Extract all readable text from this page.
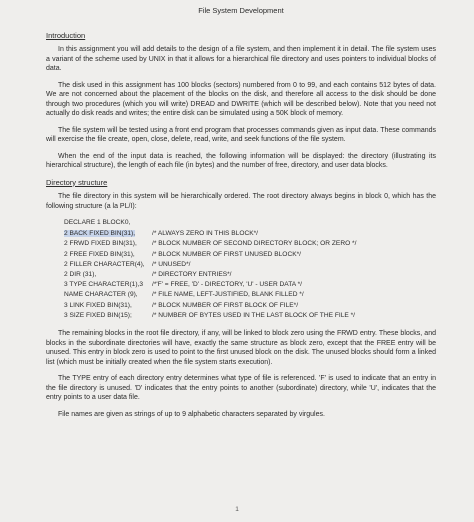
File System Development
Introduction

In this assignment you will add details to the design of a file system, and then implement it in detail. The file system uses a variant of the scheme used by UNIX in that it allows for a hierarchical file directory and uses pointers to individual blocks of data.

The disk used in this assignment has 100 blocks (sectors) numbered from 0 to 99, and each contains 512 bytes of data. We are not concerned about the placement of the blocks on the disk, and therefore all access to the disk should be done through two procedures (which you will write) DREAD and DWRITE (which will be described below). Note that you need not actually do disk reads and writes; the entire disk can be simulated using a 50K block of memory.

The file system will be tested using a front end program that processes commands given as input data. These commands will exercise the file create, open, close, delete, read, write, and seek functions of the file system.

When the end of the input data is reached, the following information will be displayed: the directory (illustrating its hierarchical structure), the length of each file (in bytes) and the number of free, directory, and user data blocks.

Directory structure

The file directory in this system will be hierarchically ordered. The root directory always begins in block 0, which has the following structure (a la PL/I):

DECLARE 1 BLOCK0,
2 BACK FIXED BIN(31),	/* ALWAYS ZERO IN THIS BLOCK*/
2 FRWD FIXED BIN(31),	/* BLOCK NUMBER OF SECOND DIRECTORY BLOCK; OR ZERO */
2 FREE FIXED BIN(31),	/* BLOCK NUMBER OF FIRST UNUSED BLOCK*/
2 FILLER CHARACTER(4),	/* UNUSED*/
2 DIR (31),	/* DIRECTORY ENTRIES*/
3 TYPE CHARACTER(1),3	/*'F' = FREE, 'D' - DIRECTORY, 'U' - USER DATA */
NAME CHARACTER (9),	/* FILE NAME, LEFT-JUSTIFIED, BLANK FILLED */
3 LINK FIXED BIN(31),	/* BLOCK NUMBER OF FIRST BLOCK OF FILE*/
3 SIZE FIXED BIN(15);	/* NUMBER OF BYTES USED IN THE LAST BLOCK OF THE FILE */

The remaining blocks in the root file directory, if any, will be linked to block zero using the FRWD entry. These blocks, and blocks in the subordinate directories will have, exactly the same structure as block zero, except that the FREE entry will be unused. This entry in block zero is used to point to the first unused block on the disk. The unused blocks should form a linked list (which must be initially created when the file system starts execution).

The TYPE entry of each directory entry determines what type of file is referenced. 'F' is used to indicate that an entry in the file directory is unused. 'D' indicates that the entry points to another (subordinate) directory, while 'U', indicates that the entry points to a user data file.

File names are given as strings of up to 9 alphabetic characters separated by virgules.

1
